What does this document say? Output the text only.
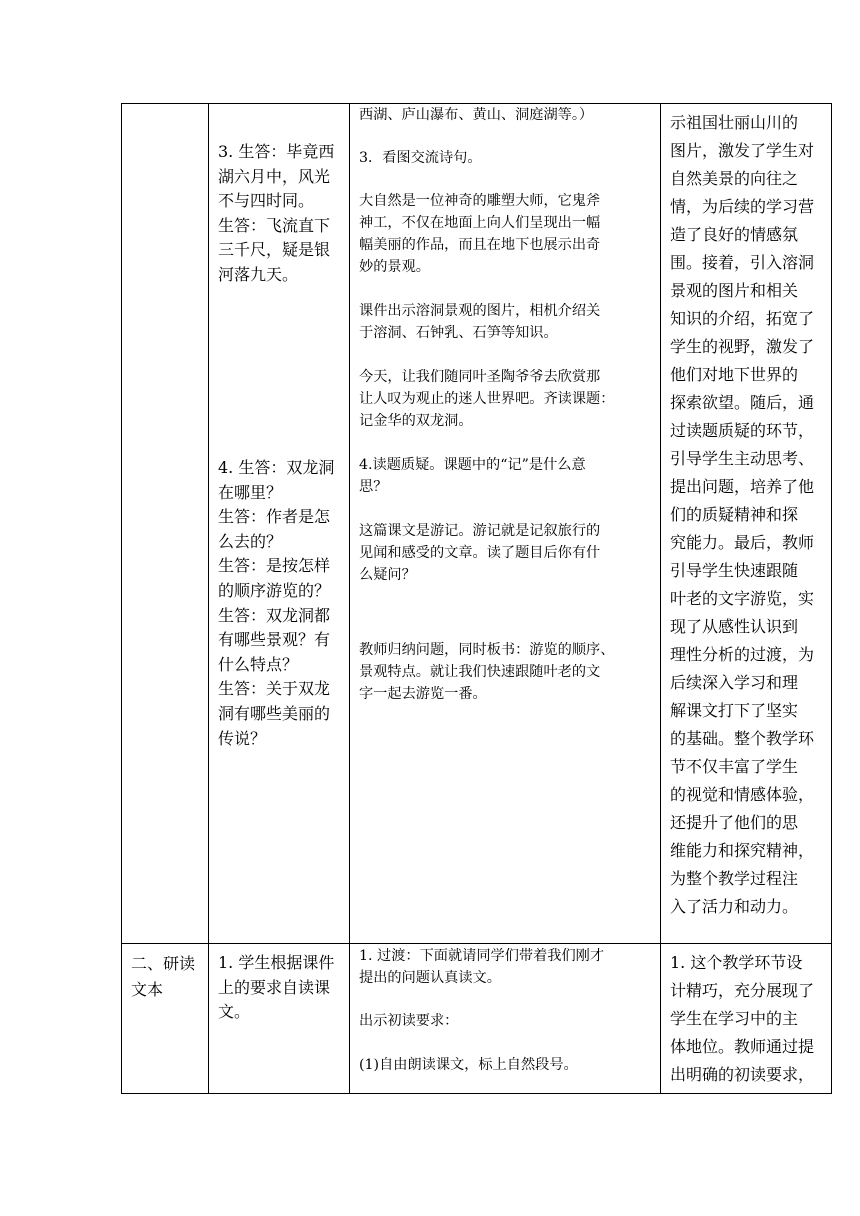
3. 生答：毕竟西
湖六月中，风光
不与四时同。
生答：飞流直下
三千尺，疑是银
河落九天。

4. 生答：双龙洞
在哪里？
生答：作者是怎
么去的？
生答：是按怎样
的顺序游览的？
生答：双龙洞都
有哪些景观？有
什么特点？
生答：关于双龙
洞有哪些美丽的
传说？

西湖、庐山瀑布、黄山、洞庭湖等。）

3．看图交流诗句。

大自然是一位神奇的雕塑大师，它鬼斧
神工，不仅在地面上向人们呈现出一幅
幅美丽的作品，而且在地下也展示出奇
妙的景观。

课件出示溶洞景观的图片，相机介绍关
于溶洞、石钟乳、石笋等知识。

今天，让我们随同叶圣陶爷爷去欣赏那
让人叹为观止的迷人世界吧。齐读课题：
记金华的双龙洞。

4.读题质疑。课题中的“记”是什么意
思？

这篇课文是游记。游记就是记叙旅行的
见闻和感受的文章。读了题目后你有什
么疑问？

教师归纳问题，同时板书：游览的顺序、
景观特点。就让我们快速跟随叶老的文
字一起去游览一番。

示祖国壮丽山川的
图片，激发了学生对
自然美景的向往之
情，为后续的学习营
造了良好的情感氛
围。接着，引入溶洞
景观的图片和相关
知识的介绍，拓宽了
学生的视野，激发了
他们对地下世界的
探索欲望。随后，通
过读题质疑的环节，
引导学生主动思考、
提出问题，培养了他
们的质疑精神和探
究能力。最后，教师
引导学生快速跟随
叶老的文字游览，实
现了从感性认识到
理性分析的过渡，为
后续深入学习和理
解课文打下了坚实
的基础。整个教学环
节不仅丰富了学生
的视觉和情感体验，
还提升了他们的思
维能力和探究精神，
为整个教学过程注
入了活力和动力。

二、研读
文本

1. 学生根据课件
上的要求自读课
文。

1. 过渡：下面就请同学们带着我们刚才
提出的问题认真读文。

出示初读要求：

(1)自由朗读课文，标上自然段号。

1. 这个教学环节设
计精巧，充分展现了
学生在学习中的主
体地位。教师通过提
出明确的初读要求，
